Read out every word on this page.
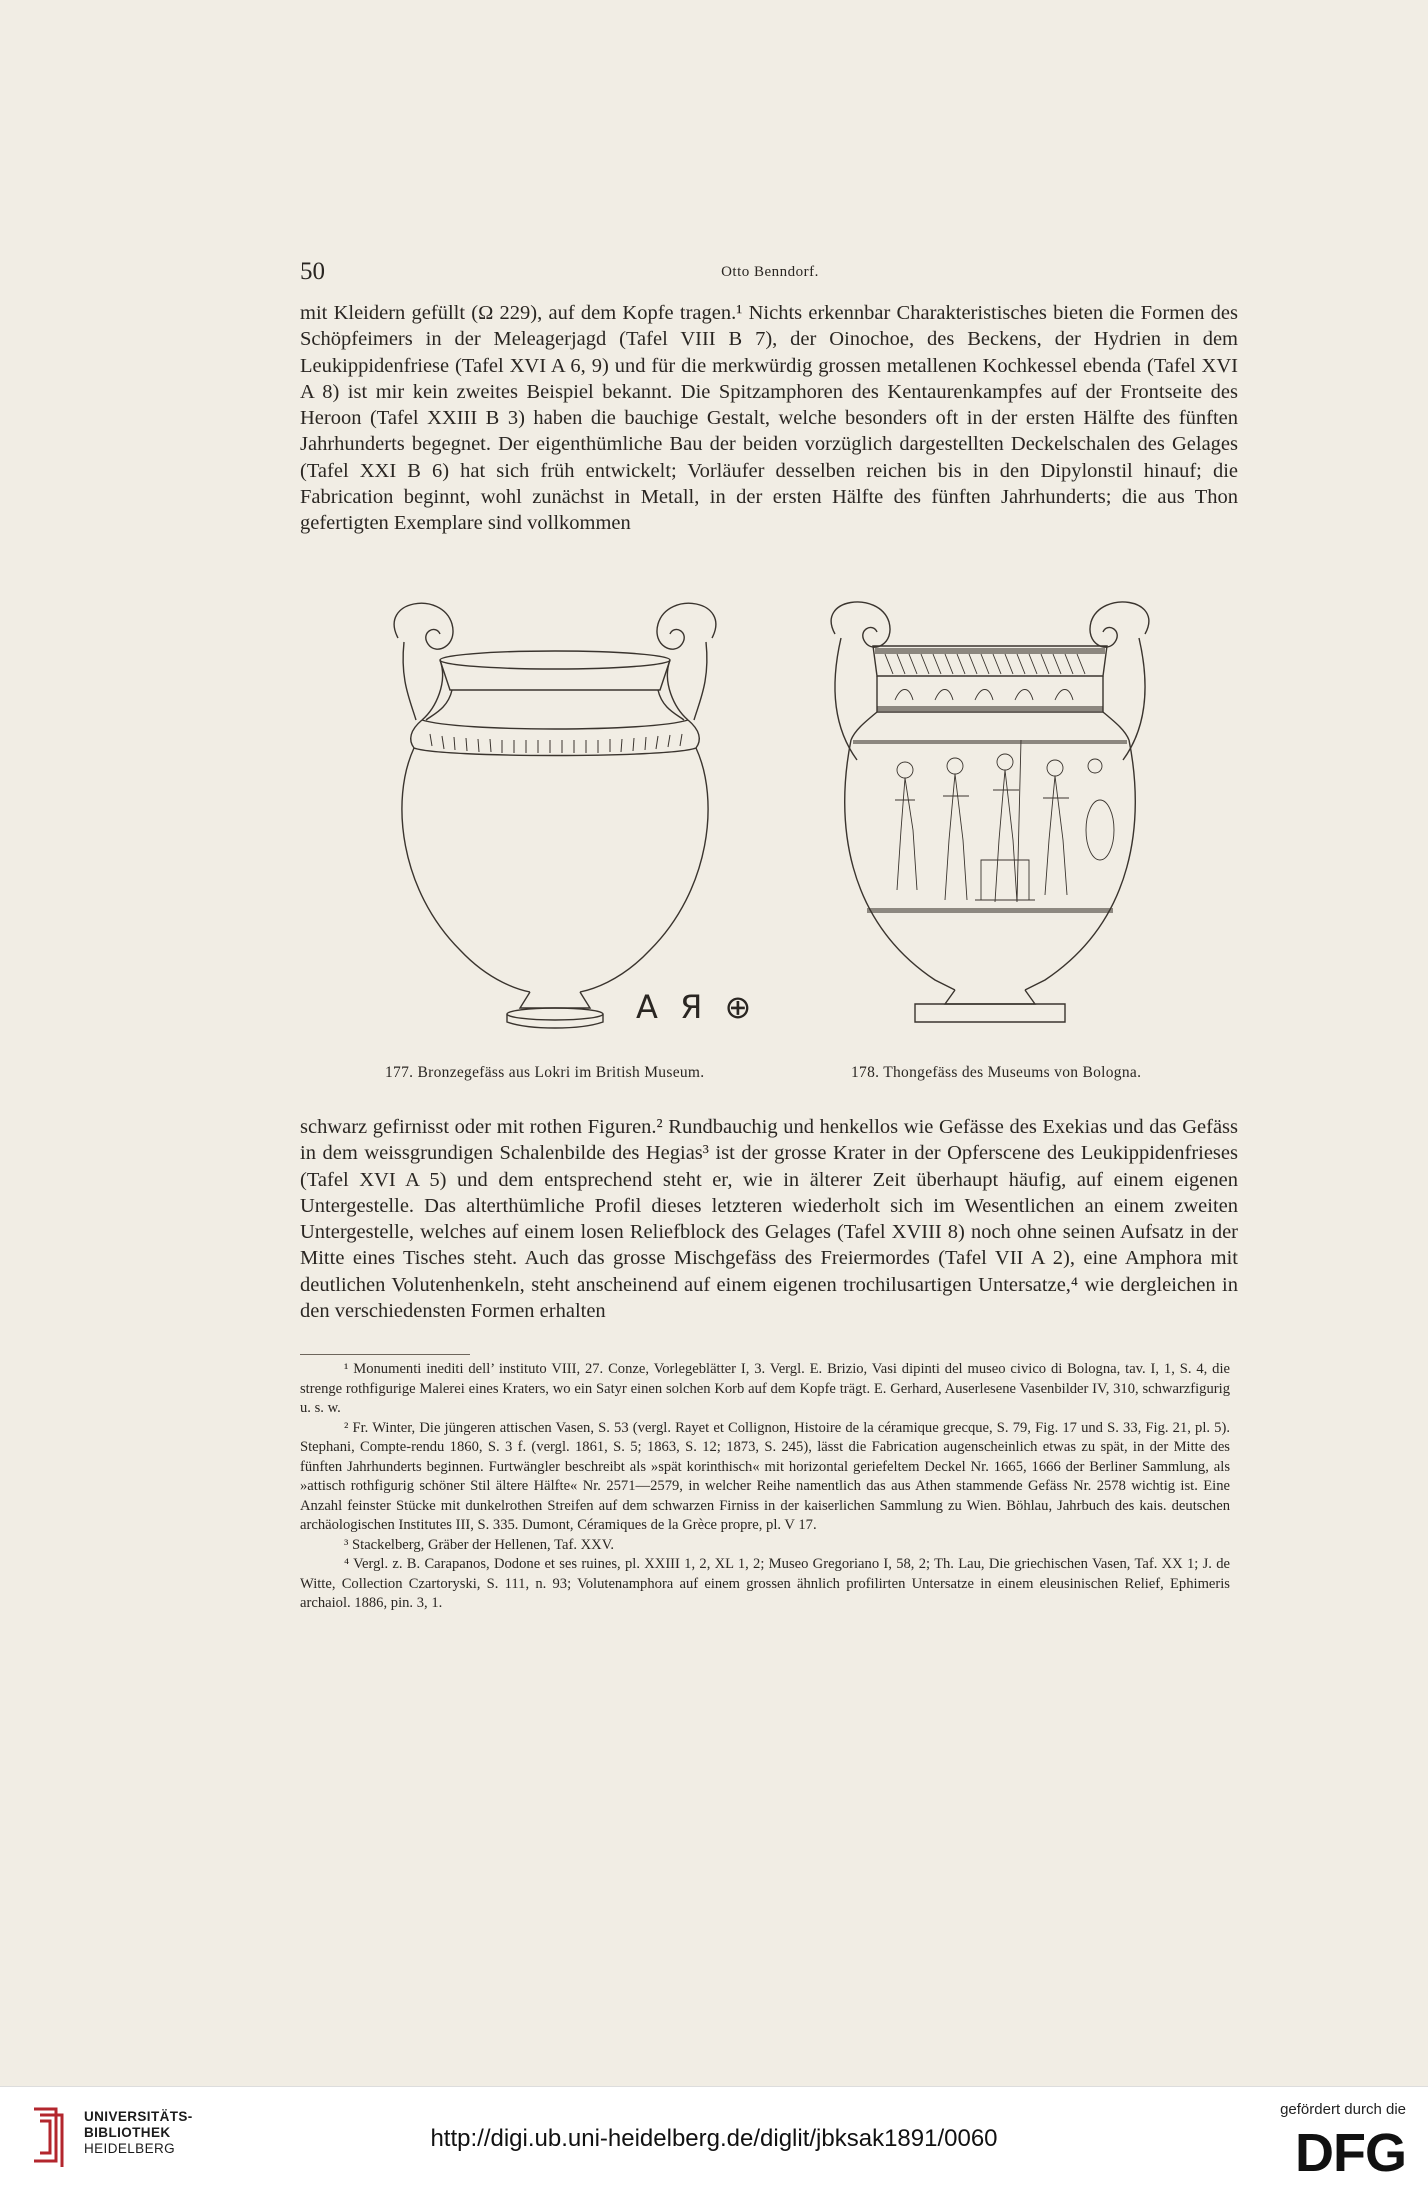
50	Otto Benndorf.

mit Kleidern gefüllt (Ω 229), auf dem Kopfe tragen.¹ Nichts erkennbar Charakteristisches bieten die Formen des Schöpfeimers in der Meleagerjagd (Tafel VIII B 7), der Oinochoe, des Beckens, der Hydrien in dem Leukippidenfriese (Tafel XVI A 6, 9) und für die merkwürdig grossen metallenen Kochkessel ebenda (Tafel XVI A 8) ist mir kein zweites Beispiel bekannt. Die Spitzamphoren des Kentaurenkampfes auf der Frontseite des Heroon (Tafel XXIII B 3) haben die bauchige Gestalt, welche besonders oft in der ersten Hälfte des fünften Jahrhunderts begegnet. Der eigenthümliche Bau der beiden vorzüglich dargestellten Deckelschalen des Gelages (Tafel XXI B 6) hat sich früh entwickelt; Vorläufer desselben reichen bis in den Dipylonstil hinauf; die Fabrication beginnt, wohl zunächst in Metall, in der ersten Hälfte des fünften Jahrhunderts; die aus Thon gefertigten Exemplare sind vollkommen

Α Я ⊕
177. Bronzegefäss aus Lokri im British Museum.	178. Thongefäss des Museums von Bologna.

schwarz gefirnisst oder mit rothen Figuren.² Rundbauchig und henkellos wie Gefässe des Exekias und das Gefäss in dem weissgrundigen Schalenbilde des Hegias³ ist der grosse Krater in der Opferscene des Leukippidenfrieses (Tafel XVI A 5) und dem entsprechend steht er, wie in älterer Zeit überhaupt häufig, auf einem eigenen Untergestelle. Das alterthümliche Profil dieses letzteren wiederholt sich im Wesentlichen an einem zweiten Untergestelle, welches auf einem losen Reliefblock des Gelages (Tafel XVIII 8) noch ohne seinen Aufsatz in der Mitte eines Tisches steht. Auch das grosse Mischgefäss des Freiermordes (Tafel VII A 2), eine Amphora mit deutlichen Volutenhenkeln, steht anscheinend auf einem eigenen trochilusartigen Untersatze,⁴ wie dergleichen in den verschiedensten Formen erhalten

¹ Monumenti inediti dell’ instituto VIII, 27. Conze, Vorlegeblätter I, 3. Vergl. E. Brizio, Vasi dipinti del museo civico di Bologna, tav. I, 1, S. 4, die strenge rothfigurige Malerei eines Kraters, wo ein Satyr einen solchen Korb auf dem Kopfe trägt. E. Gerhard, Auserlesene Vasenbilder IV, 310, schwarzfigurig u. s. w.

² Fr. Winter, Die jüngeren attischen Vasen, S. 53 (vergl. Rayet et Collignon, Histoire de la céramique grecque, S. 79, Fig. 17 und S. 33, Fig. 21, pl. 5). Stephani, Compte-rendu 1860, S. 3 f. (vergl. 1861, S. 5; 1863, S. 12; 1873, S. 245), lässt die Fabrication augenscheinlich etwas zu spät, in der Mitte des fünften Jahrhunderts beginnen. Furtwängler beschreibt als »spät korinthisch« mit horizontal geriefeltem Deckel Nr. 1665, 1666 der Berliner Sammlung, als »attisch rothfigurig schöner Stil ältere Hälfte« Nr. 2571—2579, in welcher Reihe namentlich das aus Athen stammende Gefäss Nr. 2578 wichtig ist. Eine Anzahl feinster Stücke mit dunkelrothen Streifen auf dem schwarzen Firniss in der kaiserlichen Sammlung zu Wien. Böhlau, Jahrbuch des kais. deutschen archäologischen Institutes III, S. 335. Dumont, Céramiques de la Grèce propre, pl. V 17.

³ Stackelberg, Gräber der Hellenen, Taf. XXV.

⁴ Vergl. z. B. Carapanos, Dodone et ses ruines, pl. XXIII 1, 2, XL 1, 2; Museo Gregoriano I, 58, 2; Th. Lau, Die griechischen Vasen, Taf. XX 1; J. de Witte, Collection Czartoryski, S. 111, n. 93; Volutenamphora auf einem grossen ähnlich profilirten Untersatze in einem eleusinischen Relief, Ephimeris archaiol. 1886, pin. 3, 1.

UNIVERSITÄTS-
BIBLIOTHEK
HEIDELBERG	http://digi.ub.uni-heidelberg.de/diglit/jbksak1891/0060
gefördert durch die
DFG
